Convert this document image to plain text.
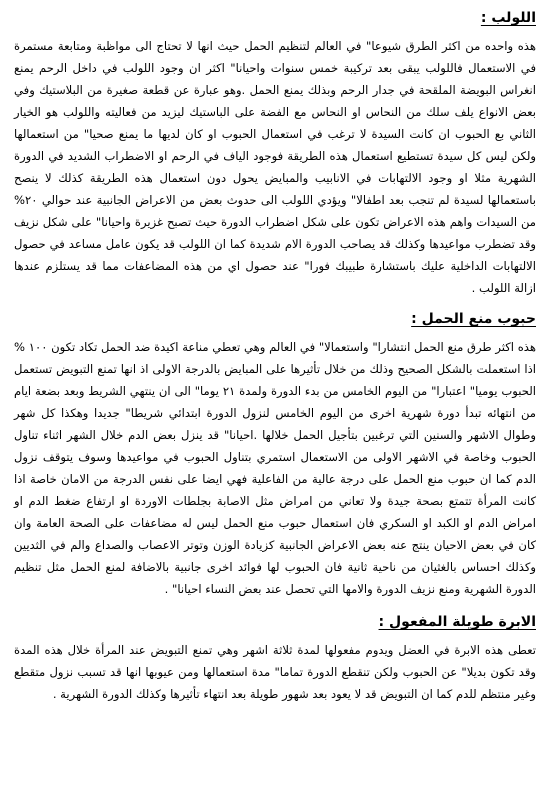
اللولب :

هذه واحده من اكثر الطرق شيوعا" في العالم لتنظيم الحمل حيث انها لا تحتاج الى مواظبة ومتابعة مستمرة في الاستعمال فاللولب يبقى بعد تركيبة خمس سنوات واحيانا" اكثر ان وجود اللولب في داخل الرحم يمنع انغراس البويضة الملقحة في جدار الرحم وبذلك يمنع الحمل .وهو عبارة عن قطعة صغيرة من البلاستيك وفي بعض الانواع يلف سلك من النحاس او النحاس مع الفضة على الباستيك ليزيد من فعاليته واللولب هو الخيار الثاني بع الحبوب ان كانت السيدة لا ترغب في استعمال الحبوب او كان لديها ما يمنع صحيا" من استعمالها ولكن ليس كل سيدة تستطيع استعمال هذه الطريقة فوجود الياف في الرحم او الاضطراب الشديد في الدورة الشهرية مثلا او وجود الالتهابات في الانابيب والمبايض يحول دون استعمال هذه الطريقة كذلك لا ينصح باستعمالها لسيدة لم تنجب بعد اطفالا" ويؤدي اللولب الى حدوث بعض من الاعراض الجانبية عند حوالي ٢٠% من السيدات واهم هذه الاعراض تكون على شكل اضطراب الدورة حيث تصبح غزيرة واحيانا" على شكل نزيف وقد تضطرب مواعيدها وكذلك قد يصاحب الدورة الام شديدة كما ان اللولب قد يكون عامل مساعد في حصول الالتهابات الداخلية عليك باستشارة طبيبك فورا" عند حصول اي من هذه المضاعفات مما قد يستلزم عندها ازالة اللولب .

حبوب منع الحمل :

هذه اكثر طرق منع الحمل انتشارا" واستعمالا" في العالم وهي تعطي مناعة اكيدة ضد الحمل تكاد تكون ١٠٠ % اذا استعملت بالشكل الصحيح وذلك من خلال تأثيرها على المبايض بالدرجة الاولى اذ انها تمنع التبويض تستعمل الحبوب يوميا" اعتبارا" من اليوم الخامس من بدء الدورة ولمدة ٢١ يوما" الى ان ينتهي الشريط وبعد بضعة ايام من انتهائه تبدأ دورة شهرية اخرى من اليوم الخامس لنزول الدورة ابتدائي شريطا" جديدا وهكذا كل شهر وطوال الاشهر والسنين التي ترغبين بتأجيل الحمل خلالها .احيانا" قد ينزل بعض الدم خلال الشهر اثناء تناول الحبوب وخاصة في الاشهر الاولى من الاستعمال استمري بتناول الحبوب في مواعيدها وسوف يتوقف نزول الدم كما ان حبوب منع الحمل على درجة عالية من الفاعلية فهي ايضا على نفس الدرجة من الامان خاصة اذا كانت المرأة تتمتع بصحة جيدة ولا تعاني من امراض مثل الاصابة بجلطات الاوردة او ارتفاع ضغط الدم او امراض الدم او الكبد او السكري فان استعمال حبوب منع الحمل ليس له مضاعفات على الصحة العامة وان كان في بعض الاحيان ينتج عنه بعض الاعراض الجانبية كزيادة الوزن وتوتر الاعصاب والصداع والم في الثديين وكذلك احساس بالغثيان من ناحية ثانية فان الحبوب لها فوائد اخرى جانبية بالاضافة لمنع الحمل مثل تنظيم الدورة الشهرية ومنع نزيف الدورة والامها التي تحصل عند بعض النساء احيانا" .

الابرة طويلة المفعول :

تعطى هذه الابرة في العضل ويدوم مفعولها لمدة ثلاثة اشهر وهي تمنع التبويض عند المرأة خلال هذه المدة وقد تكون بديلا" عن الحبوب ولكن تنقطع الدورة تماما" مدة استعمالها ومن عيوبها انها قد تسبب نزول متقطع وغير منتظم للدم كما ان التبويض قد لا يعود بعد شهور طويلة بعد انتهاء تأثيرها وكذلك الدورة الشهرية .
